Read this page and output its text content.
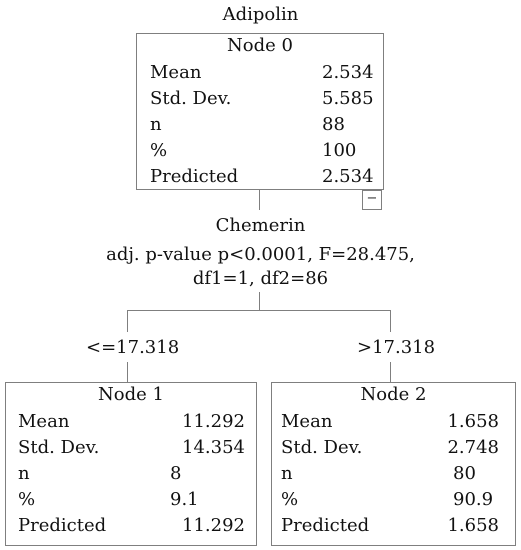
Adipolin
Node 0
Mean	2.534
Std. Dev.	5.585
n	88
%	100
Predicted	2.534
−
Chemerin
adj. p-value p<0.0001, F=28.475, df1=1, df2=86
<=17.318	>17.318
Node 1
Mean	11.292
Std. Dev.	14.354
n	8
%	9.1
Predicted	11.292
Node 2
Mean	1.658
Std. Dev.	2.748
n	80
%	90.9
Predicted	1.658
